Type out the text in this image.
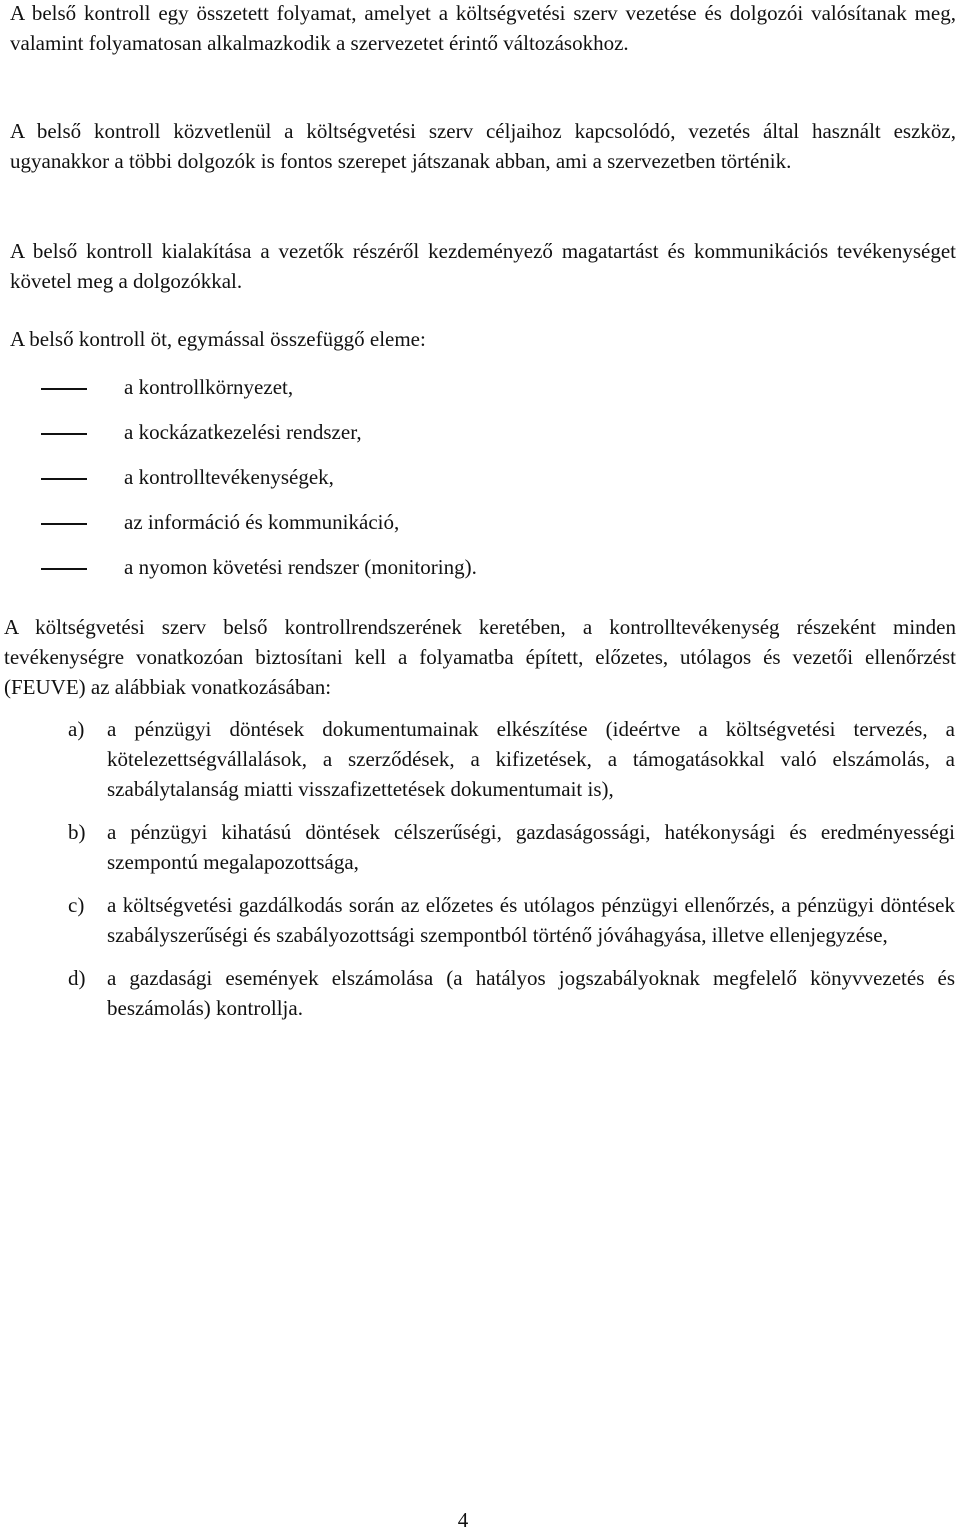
A belső kontroll egy összetett folyamat, amelyet a költségvetési szerv vezetése és dolgozói valósítanak meg, valamint folyamatosan alkalmazkodik a szervezetet érintő változásokhoz.

A belső kontroll közvetlenül a költségvetési szerv céljaihoz kapcsolódó, vezetés által használt eszköz, ugyanakkor a többi dolgozók is fontos szerepet játszanak abban, ami a szervezetben történik.

A belső kontroll kialakítása a vezetők részéről kezdeményező magatartást és kommunikációs tevékenységet követel meg a dolgozókkal.

A belső kontroll öt, egymással összefüggő eleme:

a kontrollkörnyezet,
a kockázatkezelési rendszer,
a kontrolltevékenységek,
az információ és kommunikáció,
a nyomon követési rendszer (monitoring).

A költségvetési szerv belső kontrollrendszerének keretében, a kontrolltevékenység részeként minden tevékenységre vonatkozóan biztosítani kell a folyamatba épített, előzetes, utólagos és vezetői ellenőrzést (FEUVE) az alábbiak vonatkozásában:

a) a pénzügyi döntések dokumentumainak elkészítése (ideértve a költségvetési tervezés, a kötelezettségvállalások, a szerződések, a kifizetések, a támogatásokkal való elszámolás, a szabálytalanság miatti visszafizettetések dokumentumait is),
b) a pénzügyi kihatású döntések célszerűségi, gazdaságossági, hatékonysági és eredményességi szempontú megalapozottsága,
c) a költségvetési gazdálkodás során az előzetes és utólagos pénzügyi ellenőrzés, a pénzügyi döntések szabályszerűségi és szabályozottsági szempontból történő jóváhagyása, illetve ellenjegyzése,
d) a gazdasági események elszámolása (a hatályos jogszabályoknak megfelelő könyvvezetés és beszámolás) kontrollja.
4
